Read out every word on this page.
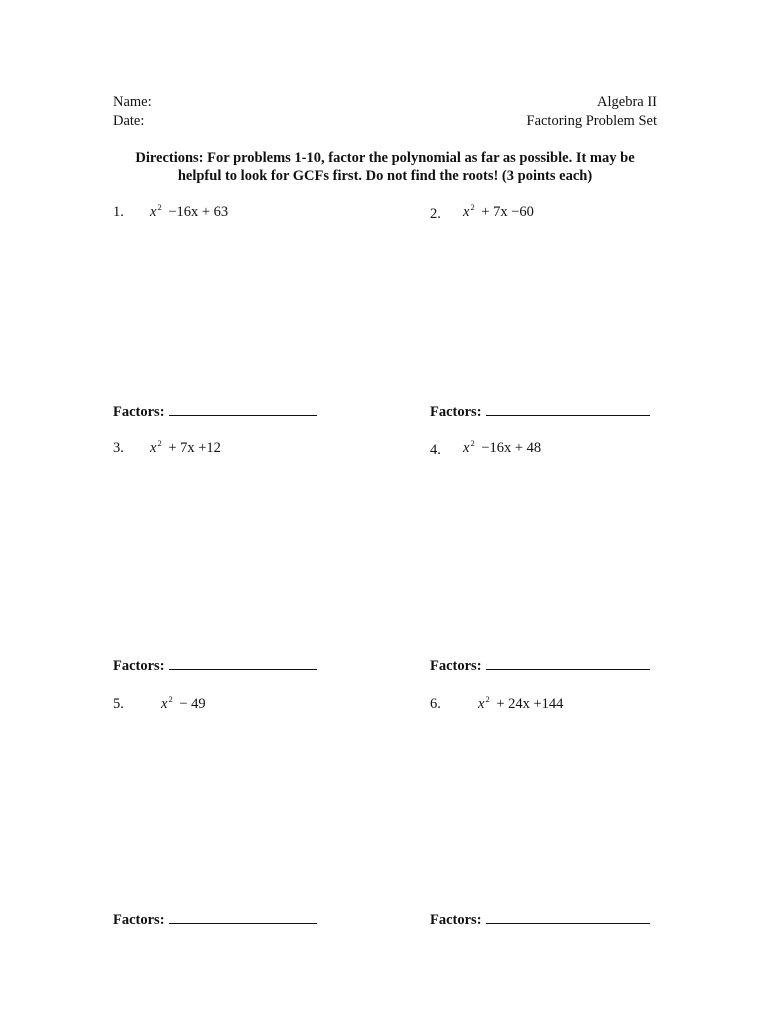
Name:
Date:
Algebra II
Factoring Problem Set
Directions: For problems 1-10, factor the polynomial as far as possible. It may be
helpful to look for GCFs first. Do not find the roots! (3 points each)
1. $x^2 -16x + 63$	2. $x^2 + 7x -60$
Factors:	Factors:
3. $x^2 + 7x +12$	4. $x^2 -16x + 48$
Factors:	Factors:
5.	$x^2 - 49$	6.	$x^2 + 24x +144$
Factors:	Factors:
